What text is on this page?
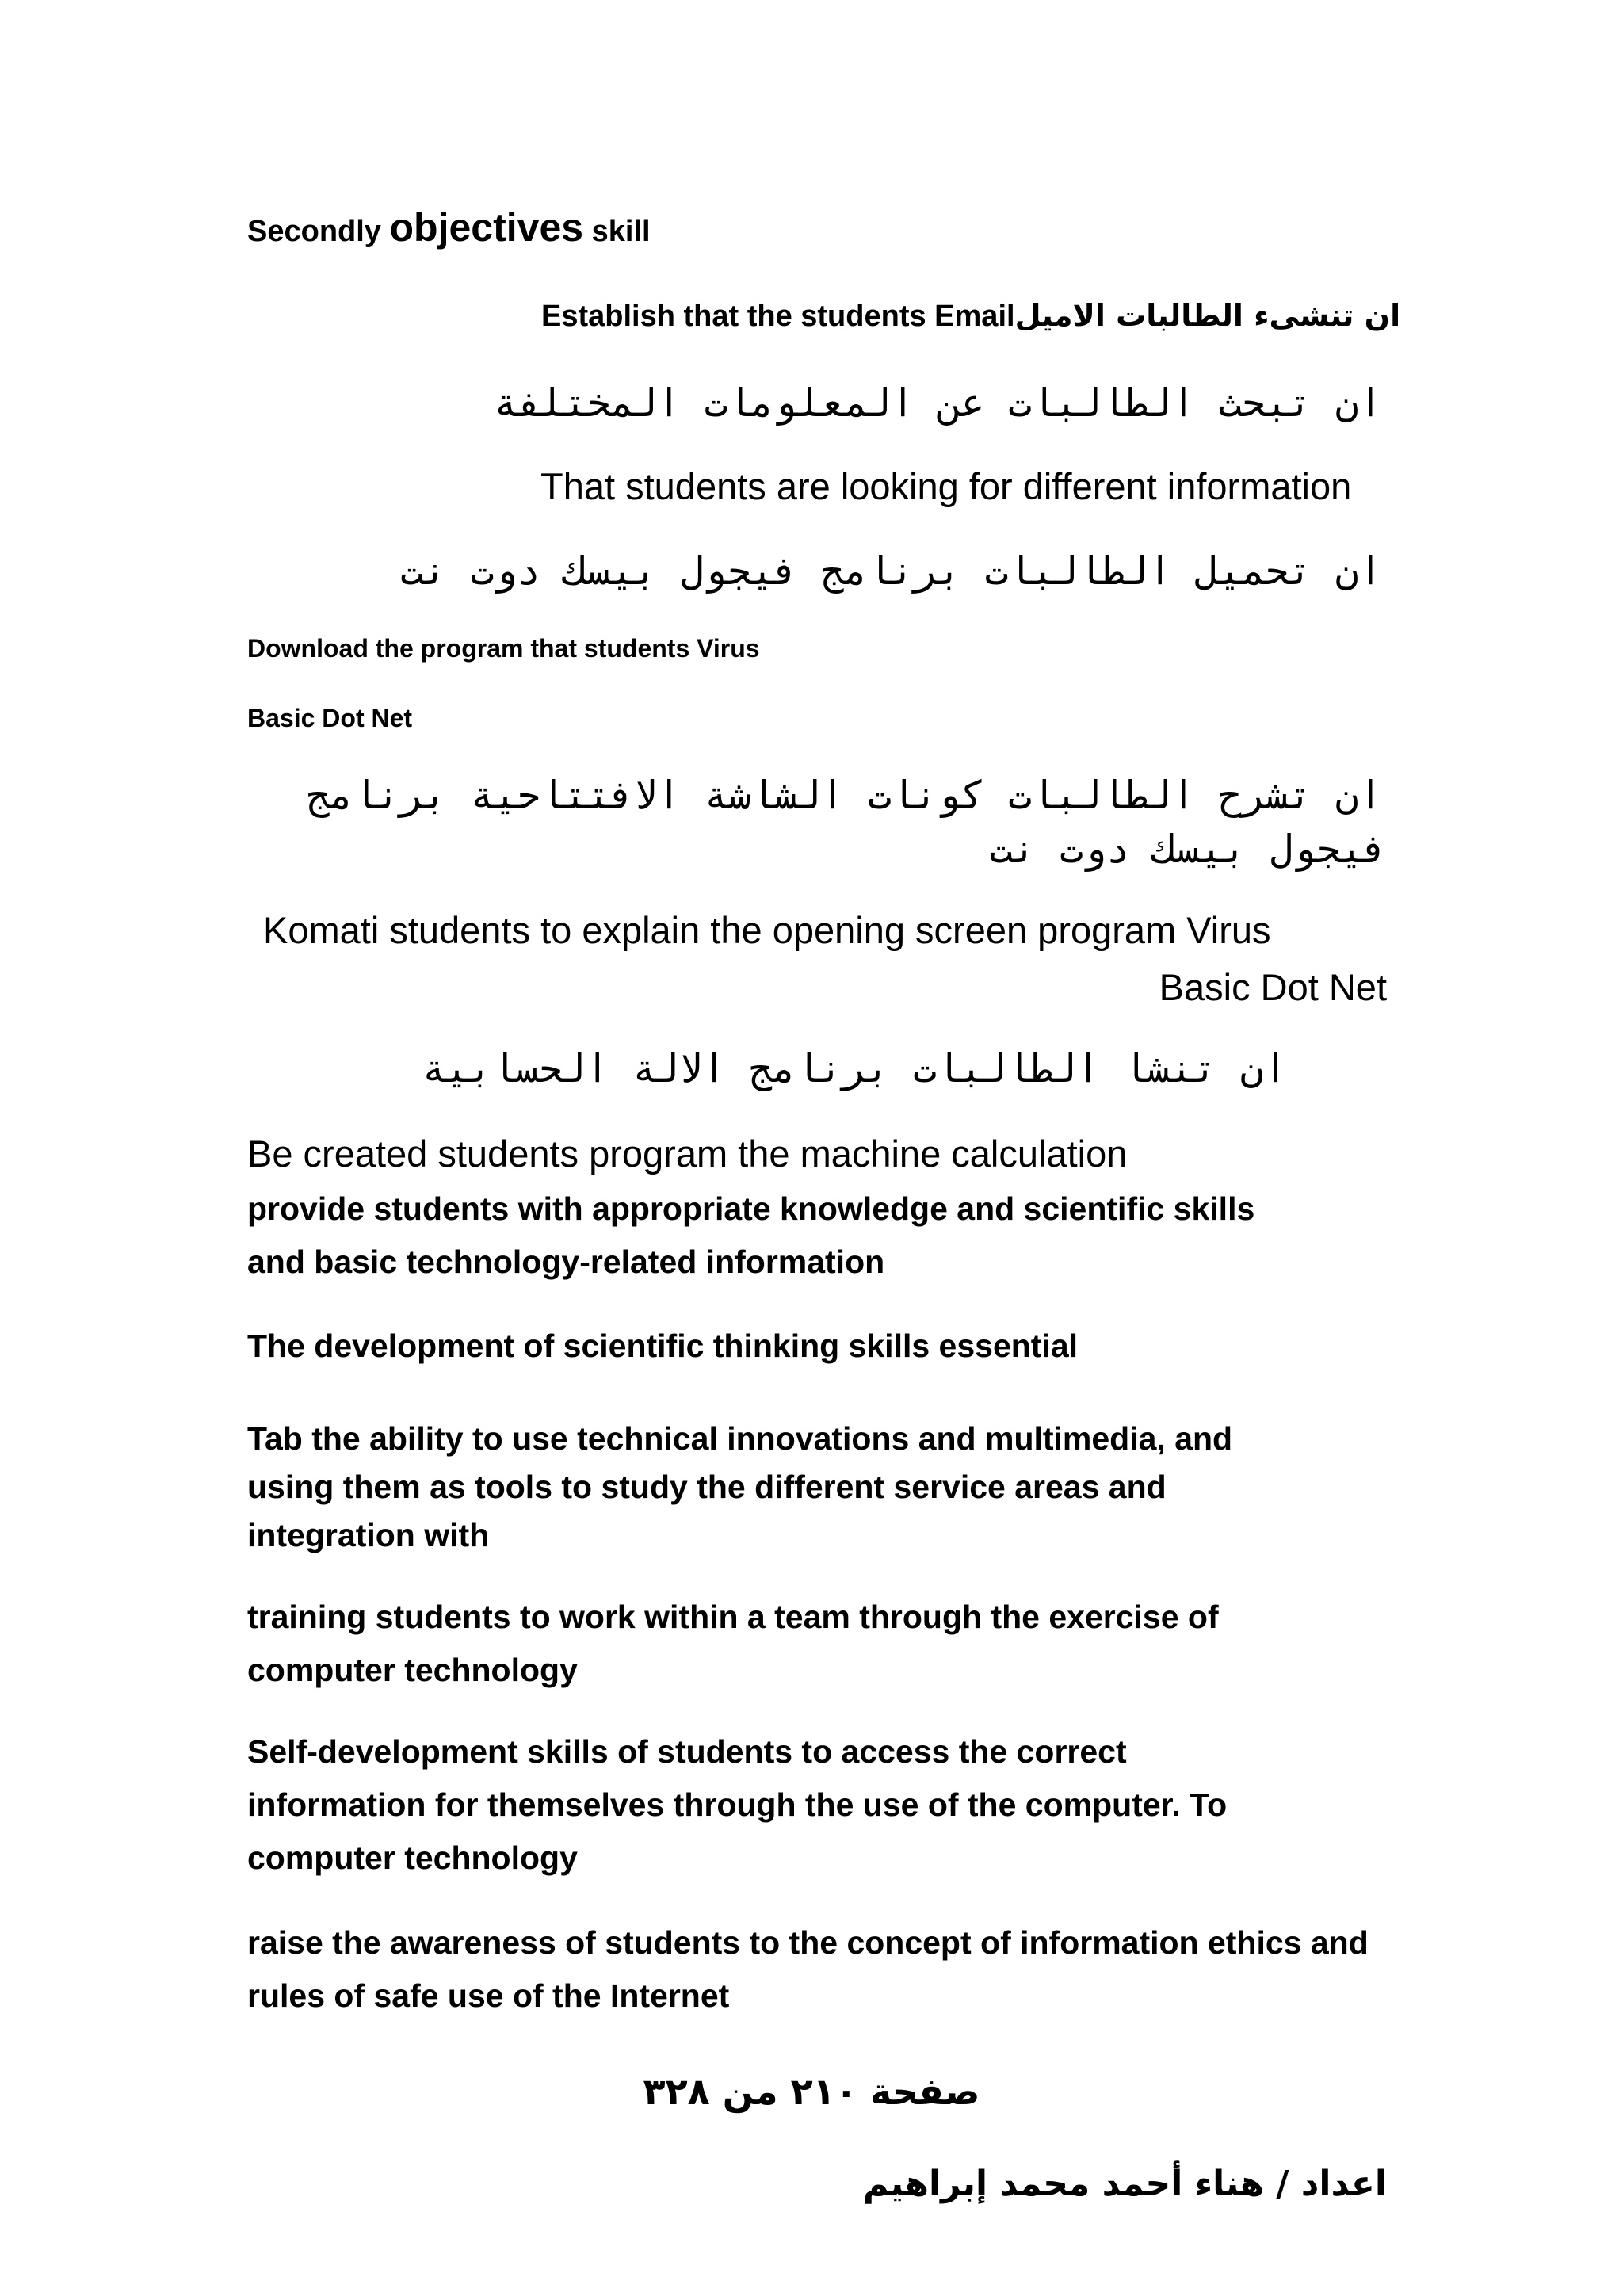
Secondly objectives skill

Establish that the students Emailان تنشىء الطالبات الاميل

ان تبحث الطالبات عن المعلومات المختلفة

That students are looking for different information

ان تحميل الطالبات برنامج فيجول بيسك دوت نت

Download the program that students Virus

Basic Dot Net

ان تشرح الطالبات كونات الشاشة الافتتاحية برنامج

فيجول بيسك دوت نت

Komati students to explain the opening screen program Virus

Basic Dot Net

ان تنشا الطالبات برنامج الالة الحسابية

Be created students program the machine calculation

provide students with appropriate knowledge and scientific skills and basic technology-related information

The development of scientific thinking skills essential

Tab the ability to use technical innovations and multimedia, and using them as tools to study the different service areas and integration with

training students to work within a team through the exercise of computer technology

Self-development skills of students to access the correct information for themselves through the use of the computer. To computer technology

raise the awareness of students to the concept of information ethics and rules of safe use of the Internet

صفحة ٢١٠ من ٣٢٨

اعداد / هناء أحمد محمد إبراهيم
